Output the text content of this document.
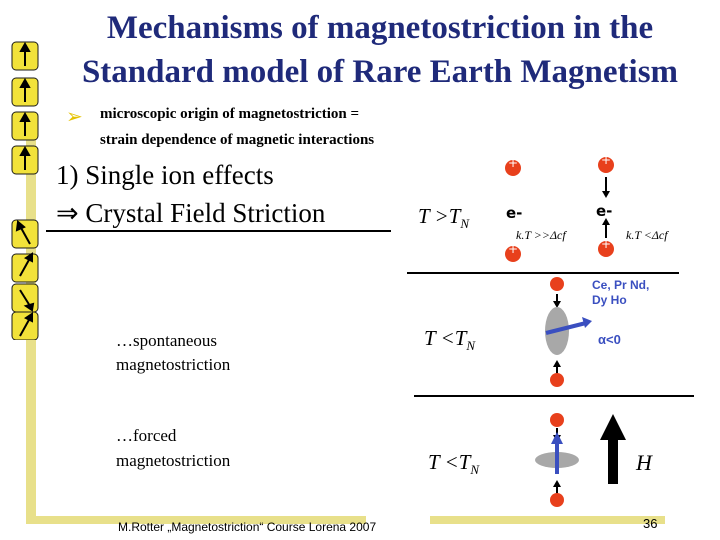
Mechanisms of magnetostriction in the
Standard model of Rare Earth Magnetism
➢ microscopic origin of magnetostriction =
strain dependence of magnetic interactions
1) Single ion effects
⇒ Crystal Field Striction
…spontaneous
magnetostriction
…forced
magnetostriction
$T >T_N$
$T <T_N$
$T <T_N$
+	+
+	+
e-	e-
k.T >>Δcf	k.T <Δcf
Ce, Pr Nd, Dy Ho
α<0
H
M.Rotter „Magnetostriction“ Course Lorena 2007	36
